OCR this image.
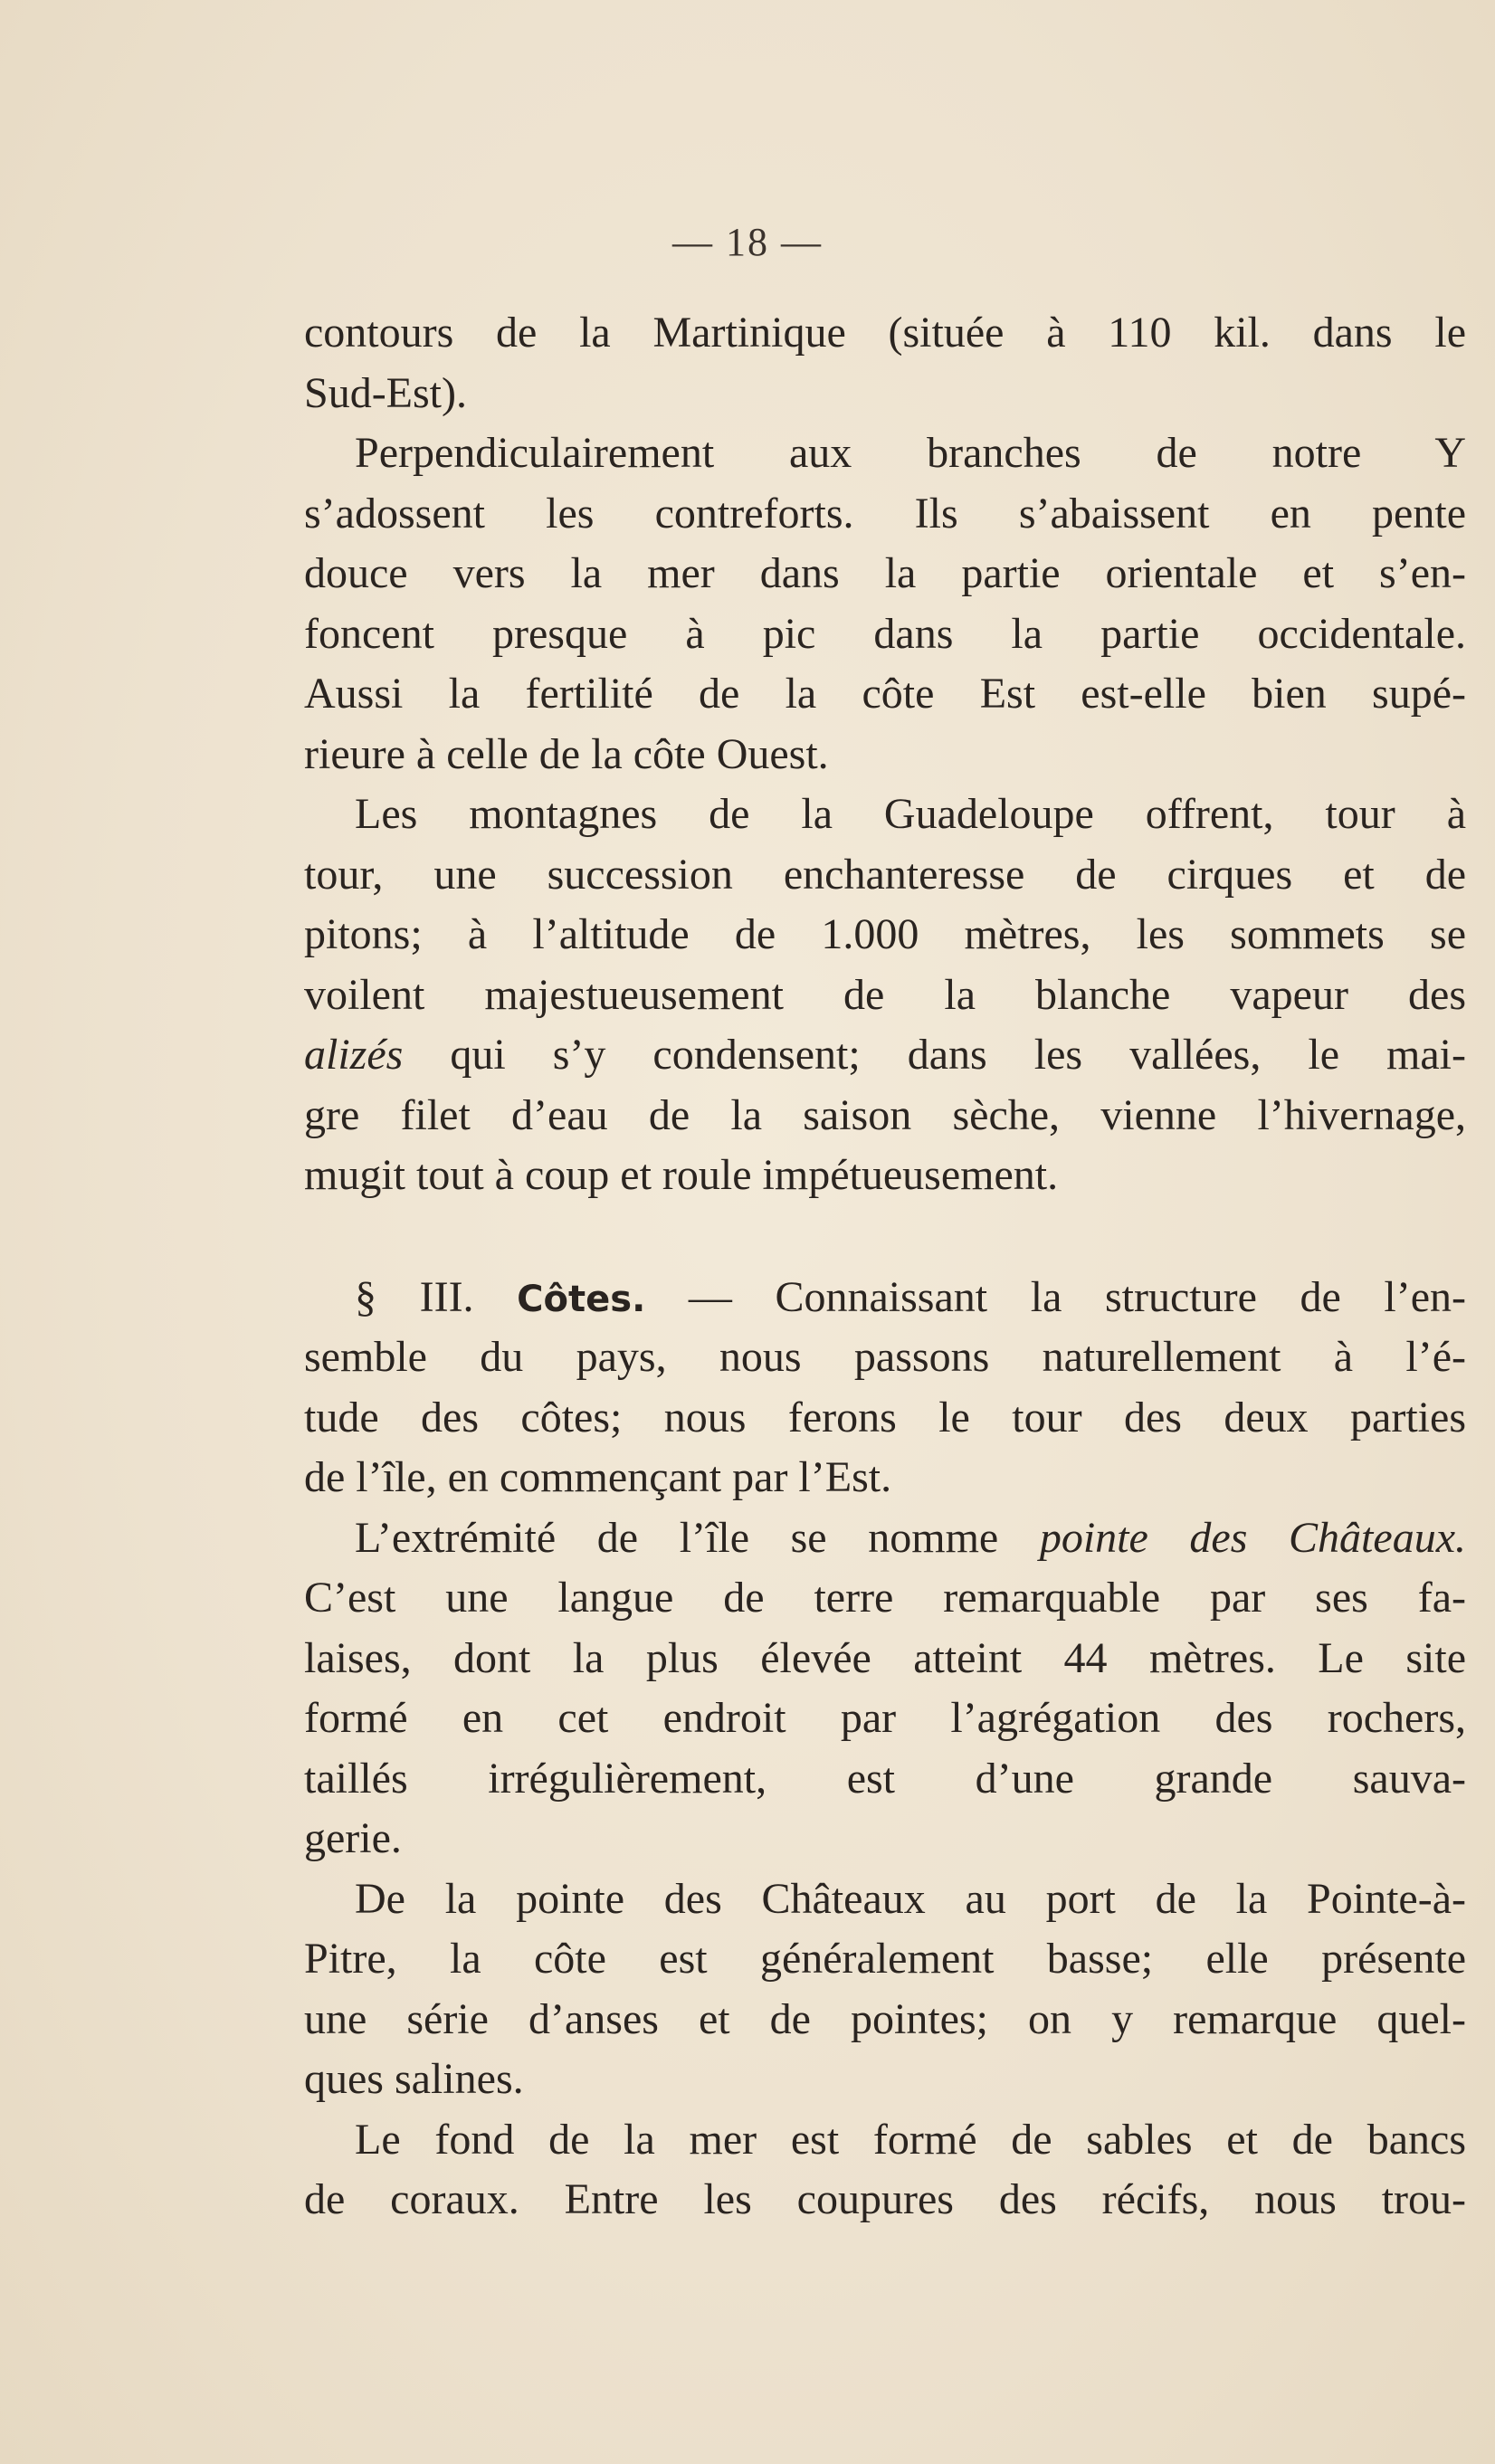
— 18 —
contours de la Martinique (située à 110 kil. dans le
Sud-Est).
Perpendiculairement aux branches de notre Y
s’adossent les contreforts. Ils s’abaissent en pente
douce vers la mer dans la partie orientale et s’en-
foncent presque à pic dans la partie occidentale.
Aussi la fertilité de la côte Est est-elle bien supé-
rieure à celle de la côte Ouest.
Les montagnes de la Guadeloupe offrent, tour à
tour, une succession enchanteresse de cirques et de
pitons; à l’altitude de 1.000 mètres, les sommets se
voilent majestueusement de la blanche vapeur des
alizés qui s’y condensent; dans les vallées, le mai-
gre filet d’eau de la saison sèche, vienne l’hivernage,
mugit tout à coup et roule impétueusement.
§ III. Côtes. — Connaissant la structure de l’en-
semble du pays, nous passons naturellement à l’é-
tude des côtes; nous ferons le tour des deux parties
de l’île, en commençant par l’Est.
L’extrémité de l’île se nomme pointe des Châteaux.
C’est une langue de terre remarquable par ses fa-
laises, dont la plus élevée atteint 44 mètres. Le site
formé en cet endroit par l’agrégation des rochers,
taillés irrégulièrement, est d’une grande sauva-
gerie.
De la pointe des Châteaux au port de la Pointe-à-
Pitre, la côte est généralement basse; elle présente
une série d’anses et de pointes; on y remarque quel-
ques salines.
Le fond de la mer est formé de sables et de bancs
de coraux. Entre les coupures des récifs, nous trou-
